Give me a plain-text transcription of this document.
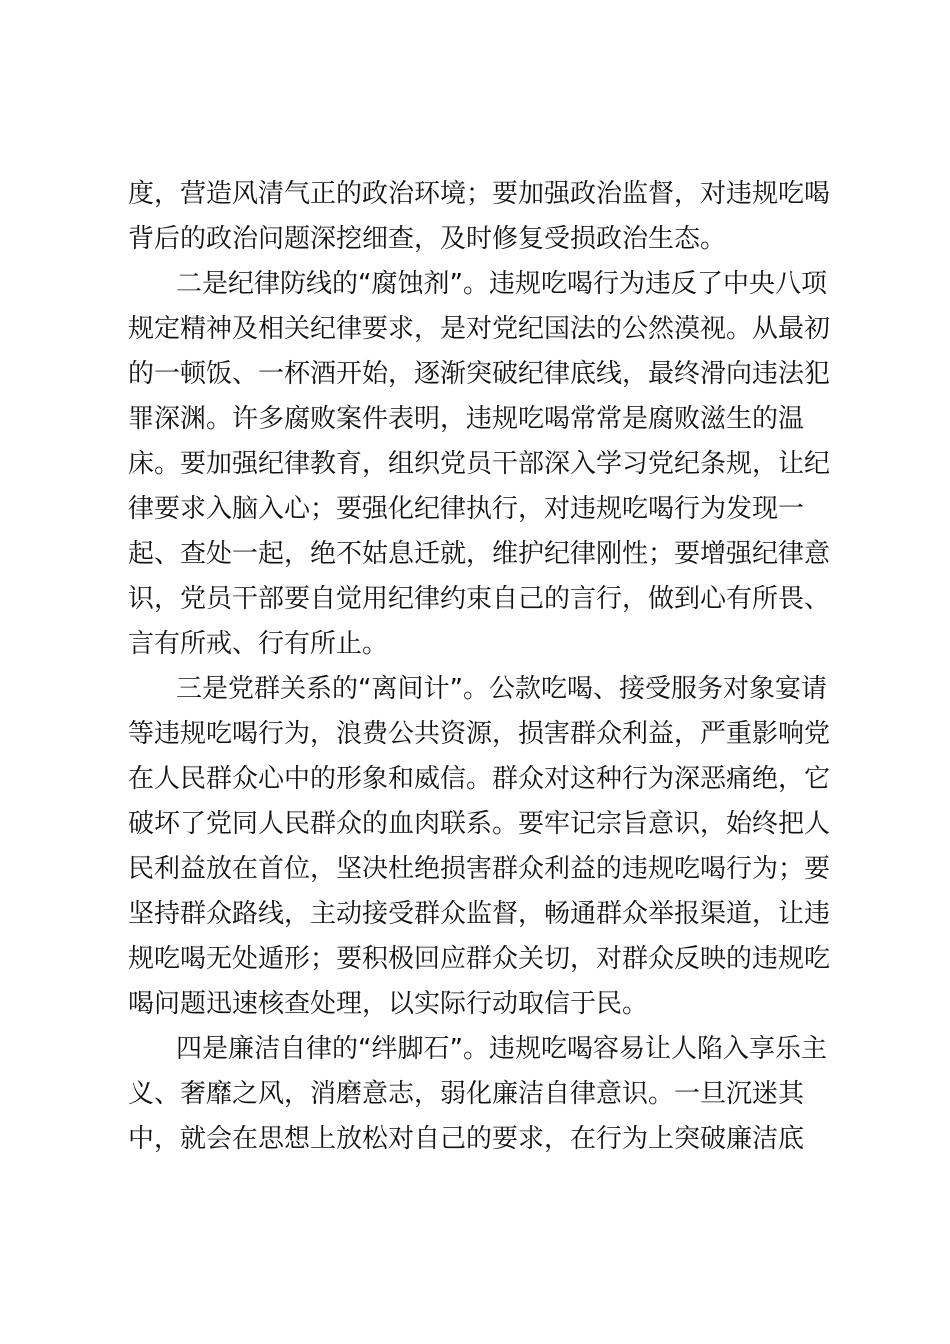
度，营造风清气正的政治环境；要加强政治监督，对违规吃喝
背后的政治问题深挖细查，及时修复受损政治生态。
二是纪律防线的“腐蚀剂”。违规吃喝行为违反了中央八项
规定精神及相关纪律要求，是对党纪国法的公然漠视。从最初
的一顿饭、一杯酒开始，逐渐突破纪律底线，最终滑向违法犯
罪深渊。许多腐败案件表明，违规吃喝常常是腐败滋生的温
床。要加强纪律教育，组织党员干部深入学习党纪条规，让纪
律要求入脑入心；要强化纪律执行，对违规吃喝行为发现一
起、查处一起，绝不姑息迁就，维护纪律刚性；要增强纪律意
识，党员干部要自觉用纪律约束自己的言行，做到心有所畏、
言有所戒、行有所止。
三是党群关系的“离间计”。公款吃喝、接受服务对象宴请
等违规吃喝行为，浪费公共资源，损害群众利益，严重影响党
在人民群众心中的形象和威信。群众对这种行为深恶痛绝，它
破坏了党同人民群众的血肉联系。要牢记宗旨意识，始终把人
民利益放在首位，坚决杜绝损害群众利益的违规吃喝行为；要
坚持群众路线，主动接受群众监督，畅通群众举报渠道，让违
规吃喝无处遁形；要积极回应群众关切，对群众反映的违规吃
喝问题迅速核查处理，以实际行动取信于民。
四是廉洁自律的“绊脚石”。违规吃喝容易让人陷入享乐主
义、奢靡之风，消磨意志，弱化廉洁自律意识。一旦沉迷其
中，就会在思想上放松对自己的要求，在行为上突破廉洁底
